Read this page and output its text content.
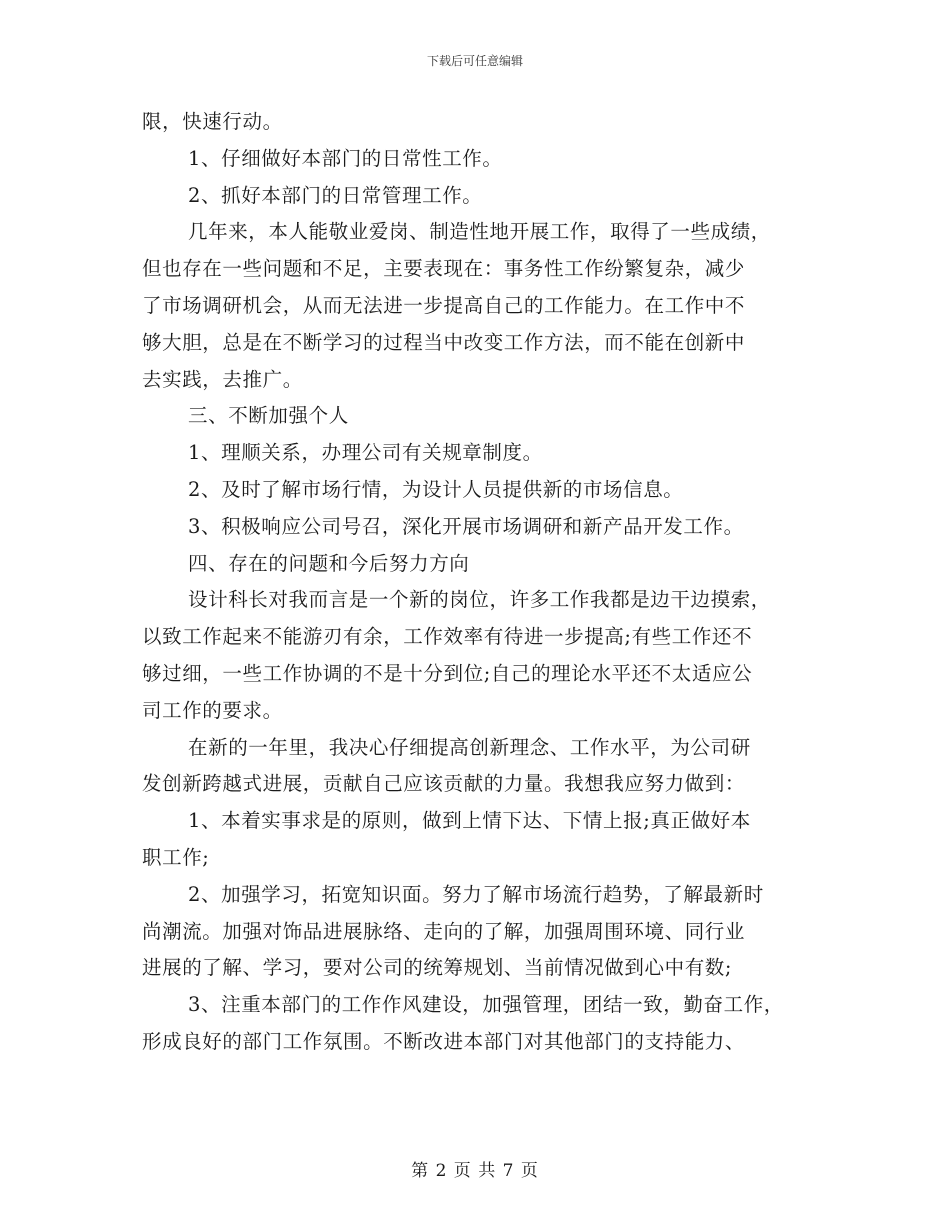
下载后可任意编辑
限，快速行动。
1、仔细做好本部门的日常性工作。
2、抓好本部门的日常管理工作。
几年来，本人能敬业爱岗、制造性地开展工作，取得了一些成绩，
但也存在一些问题和不足，主要表现在：事务性工作纷繁复杂，减少
了市场调研机会，从而无法进一步提高自己的工作能力。在工作中不
够大胆，总是在不断学习的过程当中改变工作方法，而不能在创新中
去实践，去推广。
三、不断加强个人
1、理顺关系，办理公司有关规章制度。
2、及时了解市场行情，为设计人员提供新的市场信息。
3、积极响应公司号召，深化开展市场调研和新产品开发工作。
四、存在的问题和今后努力方向
设计科长对我而言是一个新的岗位，许多工作我都是边干边摸索，
以致工作起来不能游刃有余，工作效率有待进一步提高;有些工作还不
够过细，一些工作协调的不是十分到位;自己的理论水平还不太适应公
司工作的要求。
在新的一年里，我决心仔细提高创新理念、工作水平，为公司研
发创新跨越式进展，贡献自己应该贡献的力量。我想我应努力做到：
1、本着实事求是的原则，做到上情下达、下情上报;真正做好本
职工作;
2、加强学习，拓宽知识面。努力了解市场流行趋势，了解最新时
尚潮流。加强对饰品进展脉络、走向的了解，加强周围环境、同行业
进展的了解、学习，要对公司的统筹规划、当前情况做到心中有数;
3、注重本部门的工作作风建设，加强管理，团结一致，勤奋工作，
形成良好的部门工作氛围。不断改进本部门对其他部门的支持能力、
第 2 页 共 7 页
